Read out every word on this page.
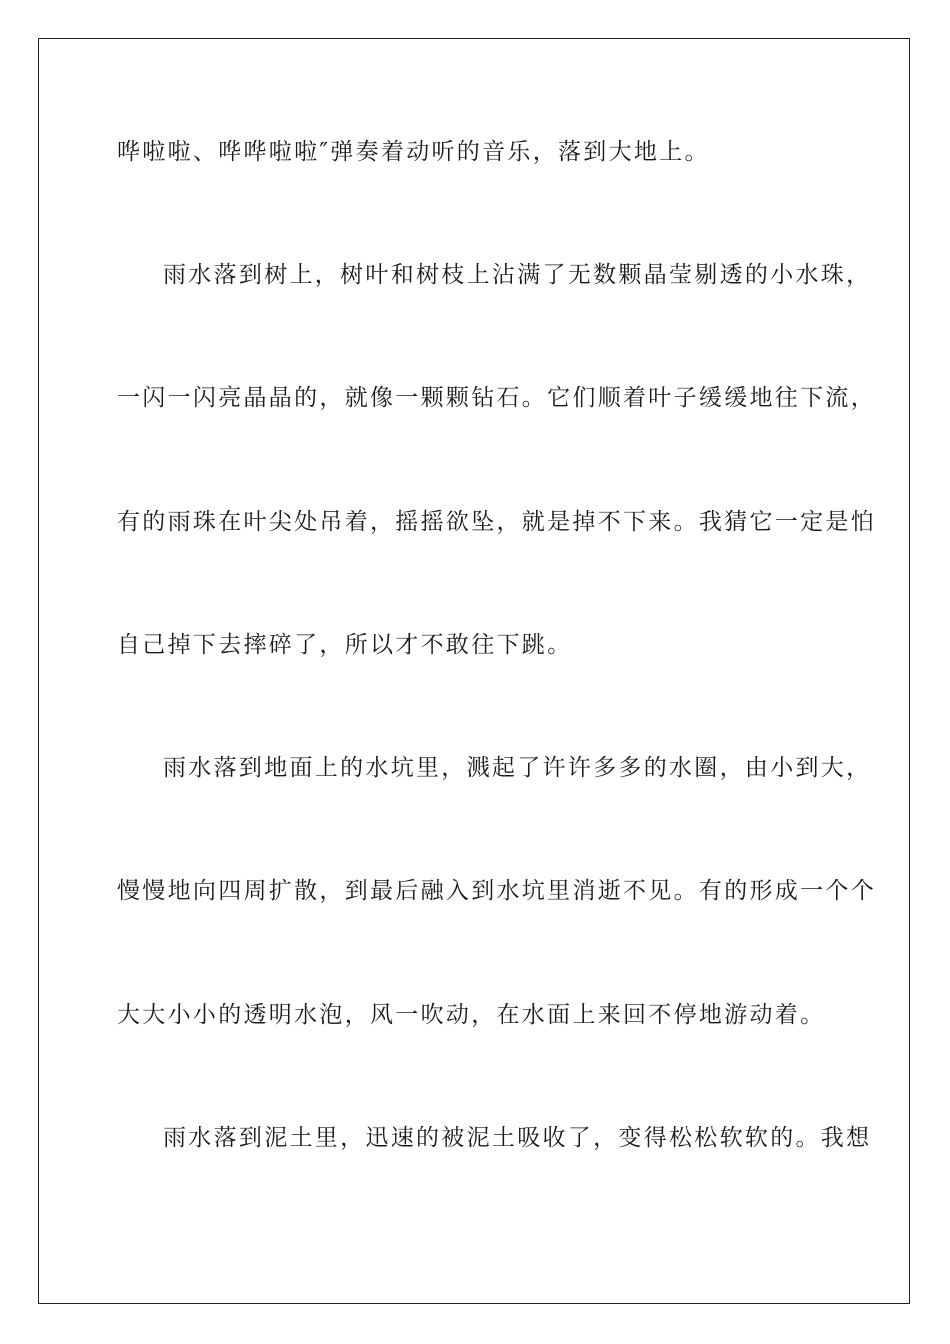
哗啦啦、哗哗啦啦″弹奏着动听的音乐，落到大地上。
雨水落到树上，树叶和树枝上沾满了无数颗晶莹剔透的小水珠，
一闪一闪亮晶晶的，就像一颗颗钻石。它们顺着叶子缓缓地往下流，
有的雨珠在叶尖处吊着，摇摇欲坠，就是掉不下来。我猜它一定是怕
自己掉下去摔碎了，所以才不敢往下跳。
雨水落到地面上的水坑里，溅起了许许多多的水圈，由小到大，
慢慢地向四周扩散，到最后融入到水坑里消逝不见。有的形成一个个
大大小小的透明水泡，风一吹动，在水面上来回不停地游动着。
雨水落到泥土里，迅速的被泥土吸收了，变得松松软软的。我想
